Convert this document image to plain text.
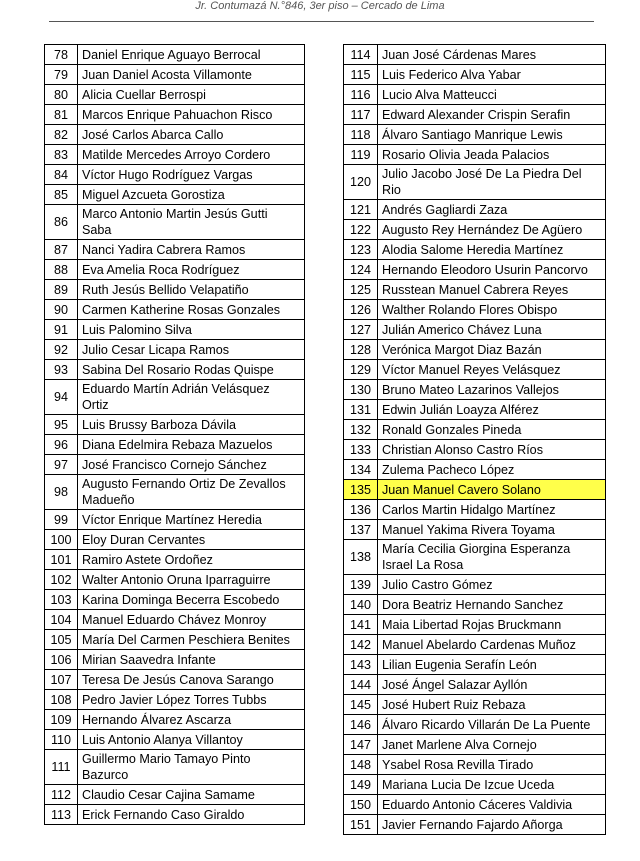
Jr. Contumazá N.°846, 3er piso – Cercado de Lima
78	Daniel Enrique Aguayo Berrocal
79	Juan Daniel Acosta Villamonte
80	Alicia Cuellar Berrospi
81	Marcos Enrique Pahuachon Risco
82	José Carlos Abarca Callo
83	Matilde Mercedes Arroyo Cordero
84	Víctor Hugo Rodríguez Vargas
85	Miguel Azcueta Gorostiza
86	Marco Antonio Martin Jesús Gutti
Saba

87	Nanci Yadira Cabrera Ramos
88	Eva Amelia Roca Rodríguez
89	Ruth Jesús Bellido Velapatiño
90	Carmen Katherine Rosas Gonzales
91	Luis Palomino Silva
92	Julio Cesar Licapa Ramos
93	Sabina Del Rosario Rodas Quispe
94	Eduardo Martín Adrián Velásquez
Ortiz

95	Luis Brussy Barboza Dávila
96	Diana Edelmira Rebaza Mazuelos
97	José Francisco Cornejo Sánchez
98	Augusto Fernando Ortiz De Zevallos
Madueño

99	Víctor Enrique Martínez Heredia
100	Eloy Duran Cervantes
101	Ramiro Astete Ordoñez
102	Walter Antonio Oruna Iparraguirre
103	Karina Dominga Becerra Escobedo
104	Manuel Eduardo Chávez Monroy
105	María Del Carmen Peschiera Benites
106	Mirian Saavedra Infante
107	Teresa De Jesús Canova Sarango
108	Pedro Javier López Torres Tubbs
109	Hernando Álvarez Ascarza
110	Luis Antonio Alanya Villantoy
111	Guillermo Mario Tamayo Pinto
Bazurco

112	Claudio Cesar Cajina Samame
113	Erick Fernando Caso Giraldo
114	Juan José Cárdenas Mares
115	Luis Federico Alva Yabar
116	Lucio Alva Matteucci
117	Edward Alexander Crispin Serafin
118	Álvaro Santiago Manrique Lewis
119	Rosario Olivia Jeada Palacios
120	Julio Jacobo José De La Piedra Del
Rio

121	Andrés Gagliardi Zaza
122	Augusto Rey Hernández De Agüero
123	Alodia Salome Heredia Martínez
124	Hernando Eleodoro Usurin Pancorvo
125	Russtean Manuel Cabrera Reyes
126	Walther Rolando Flores Obispo
127	Julián Americo Chávez Luna
128	Verónica Margot Diaz Bazán
129	Víctor Manuel Reyes Velásquez
130	Bruno Mateo Lazarinos Vallejos
131	Edwin Julián Loayza Alférez
132	Ronald Gonzales Pineda
133	Christian Alonso Castro Ríos
134	Zulema Pacheco López
135	Juan Manuel Cavero Solano
136	Carlos Martin Hidalgo Martínez
137	Manuel Yakima Rivera Toyama
138	María Cecilia Giorgina Esperanza
Israel La Rosa

139	Julio Castro Gómez
140	Dora Beatriz Hernando Sanchez
141	Maia Libertad Rojas Bruckmann
142	Manuel Abelardo Cardenas Muñoz
143	Lilian Eugenia Serafín León
144	José Ángel Salazar Ayllón
145	José Hubert Ruiz Rebaza
146	Álvaro Ricardo Villarán De La Puente
147	Janet Marlene Alva Cornejo
148	Ysabel Rosa Revilla Tirado
149	Mariana Lucia De Izcue Uceda
150	Eduardo Antonio Cáceres Valdivia
151	Javier Fernando Fajardo Añorga
